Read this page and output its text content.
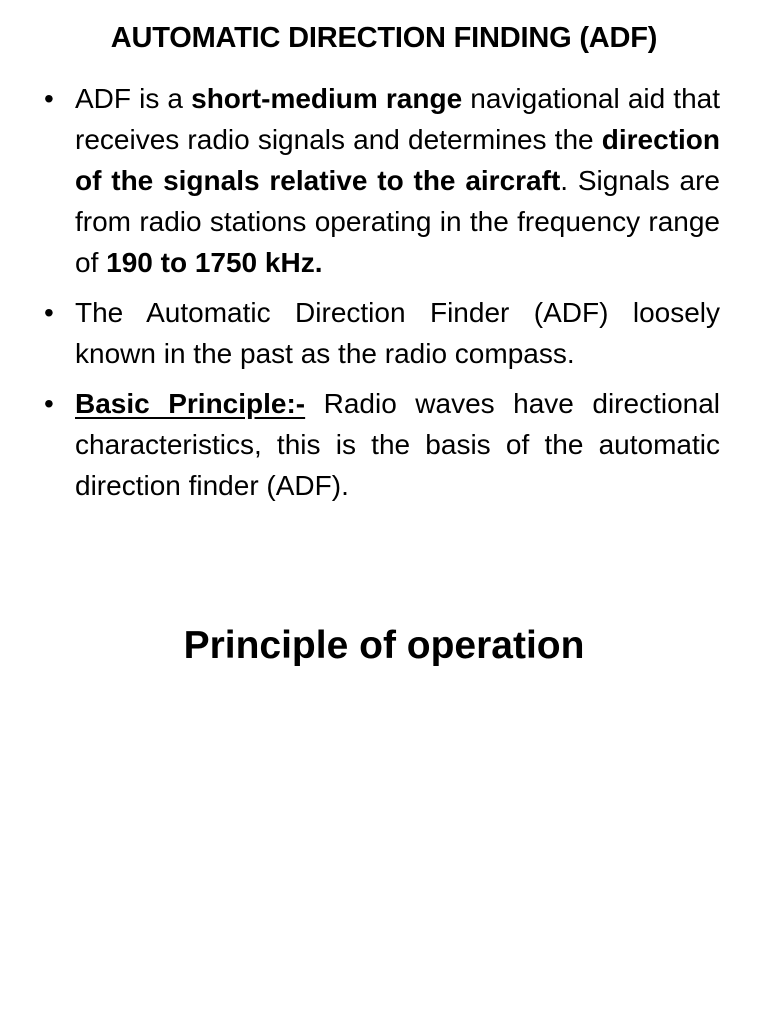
AUTOMATIC DIRECTION FINDING (ADF)
• ADF is a short-medium range navigational aid that receives radio signals and determines the direction of the signals relative to the aircraft. Signals are from radio stations operating in the frequency range of 190 to 1750 kHz.
• The Automatic Direction Finder (ADF) loosely known in the past as the radio compass.
• Basic Principle:- Radio waves have directional characteristics, this is the basis of the automatic direction finder (ADF).
Principle of operation
